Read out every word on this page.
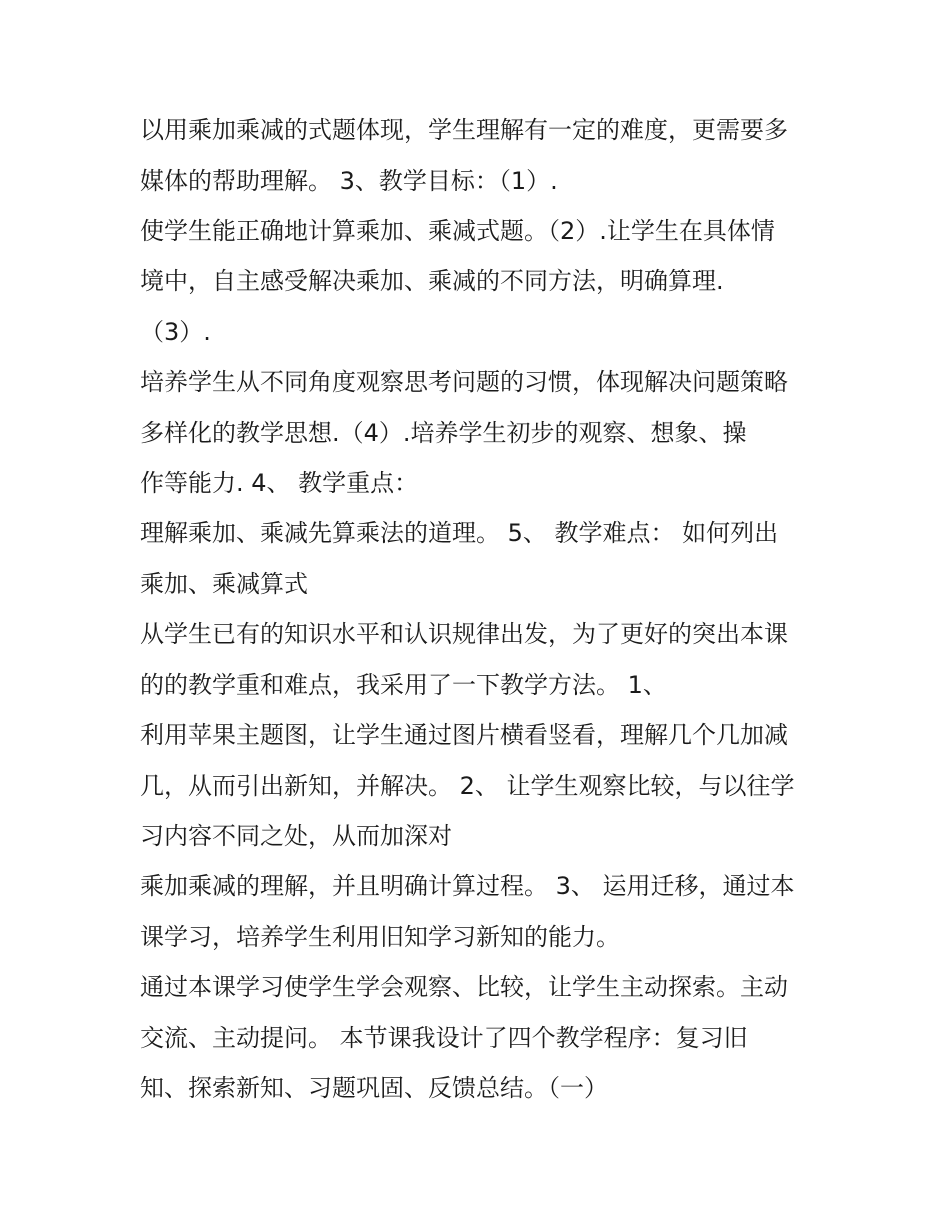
以用乘加乘减的式题体现，学生理解有一定的难度，更需要多
媒体的帮助理解。 3、教学目标：（1）.
使学生能正确地计算乘加、乘减式题。（2）.让学生在具体情
境中，自主感受解决乘加、乘减的不同方法，明确算理.
（3）.
培养学生从不同角度观察思考问题的习惯，体现解决问题策略
多样化的教学思想.（4）.培养学生初步的观察、想象、操
作等能力. 4、 教学重点：
理解乘加、乘减先算乘法的道理。 5、 教学难点： 如何列出
乘加、乘减算式
从学生已有的知识水平和认识规律出发，为了更好的突出本课
的的教学重和难点，我采用了一下教学方法。 1、
利用苹果主题图，让学生通过图片横看竖看，理解几个几加减
几，从而引出新知，并解决。 2、 让学生观察比较，与以往学
习内容不同之处，从而加深对
乘加乘减的理解，并且明确计算过程。 3、 运用迁移，通过本
课学习，培养学生利用旧知学习新知的能力。
通过本课学习使学生学会观察、比较，让学生主动探索。主动
交流、主动提问。 本节课我设计了四个教学程序：复习旧
知、探索新知、习题巩固、反馈总结。（一）
